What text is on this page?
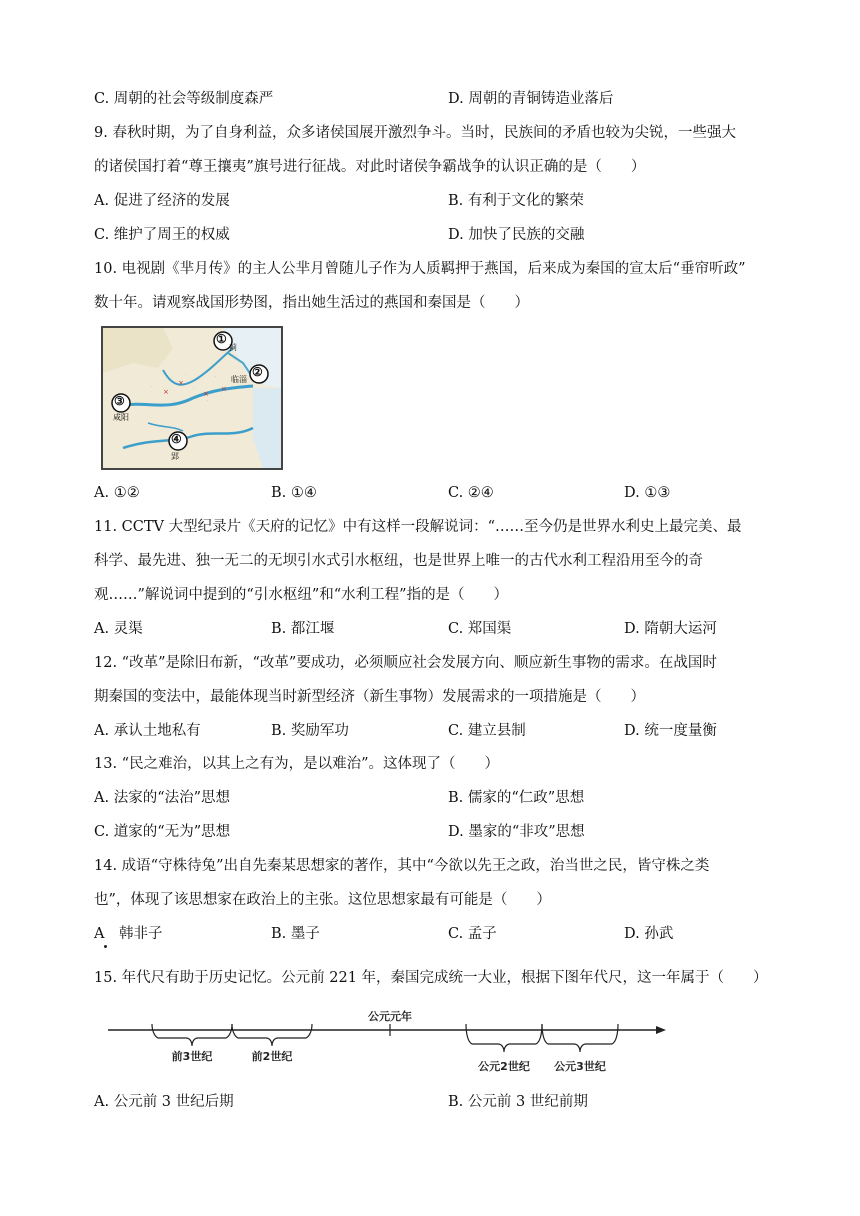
C. 周朝的社会等级制度森严	D. 周朝的青铜铸造业落后
9. 春秋时期，为了自身利益，众多诸侯国展开激烈争斗。当时，民族间的矛盾也较为尖锐，一些强大
的诸侯国打着“尊王攘夷”旗号进行征战。对此时诸侯争霸战争的认识正确的是（　　）
A. 促进了经济的发展	B. 有利于文化的繁荣
C. 维护了周王的权威	D. 加快了民族的交融
10. 电视剧《芈月传》的主人公芈月曾随儿子作为人质羁押于燕国，后来成为秦国的宣太后“垂帘听政”
数十年。请观察战国形势图，指出她生活过的燕国和秦国是（　　）
×
×
×
×
·
·
·	·
·
·
①
蓟
②
临淄
③
咸阳
④
郢
A. ①②	B. ①④	C. ②④	D. ①③
11. CCTV 大型纪录片《天府的记忆》中有这样一段解说词：“……至今仍是世界水利史上最完美、最
科学、最先进、独一无二的无坝引水式引水枢纽，也是世界上唯一的古代水利工程沿用至今的奇
观……”解说词中提到的“引水枢纽”和“水利工程”指的是（　　）
A. 灵渠	B. 都江堰	C. 郑国渠	D. 隋朝大运河
12. “改革”是除旧布新，“改革”要成功，必须顺应社会发展方向、顺应新生事物的需求。在战国时
期秦国的变法中，最能体现当时新型经济（新生事物）发展需求的一项措施是（　　）
A. 承认土地私有	B. 奖励军功	C. 建立县制	D. 统一度量衡
13. “民之难治，以其上之有为，是以难治”。这体现了（　　）
A. 法家的“法治”思想	B. 儒家的“仁政”思想
C. 道家的“无为”思想	D. 墨家的“非攻”思想
14. 成语“守株待兔”出自先秦某思想家的著作，其中“今欲以先王之政，治当世之民，皆守株之类
也”，体现了该思想家在政治上的主张。这位思想家最有可能是（　　）
A　韩非子	B. 墨子	C. 孟子	D. 孙武
15. 年代尺有助于历史记忆。公元前 221 年，秦国完成统一大业，根据下图年代尺，这一年属于（　　）
公元元年
前3世纪	前2世纪
公元2世纪 公元3世纪
A. 公元前 3 世纪后期	B. 公元前 3 世纪前期
